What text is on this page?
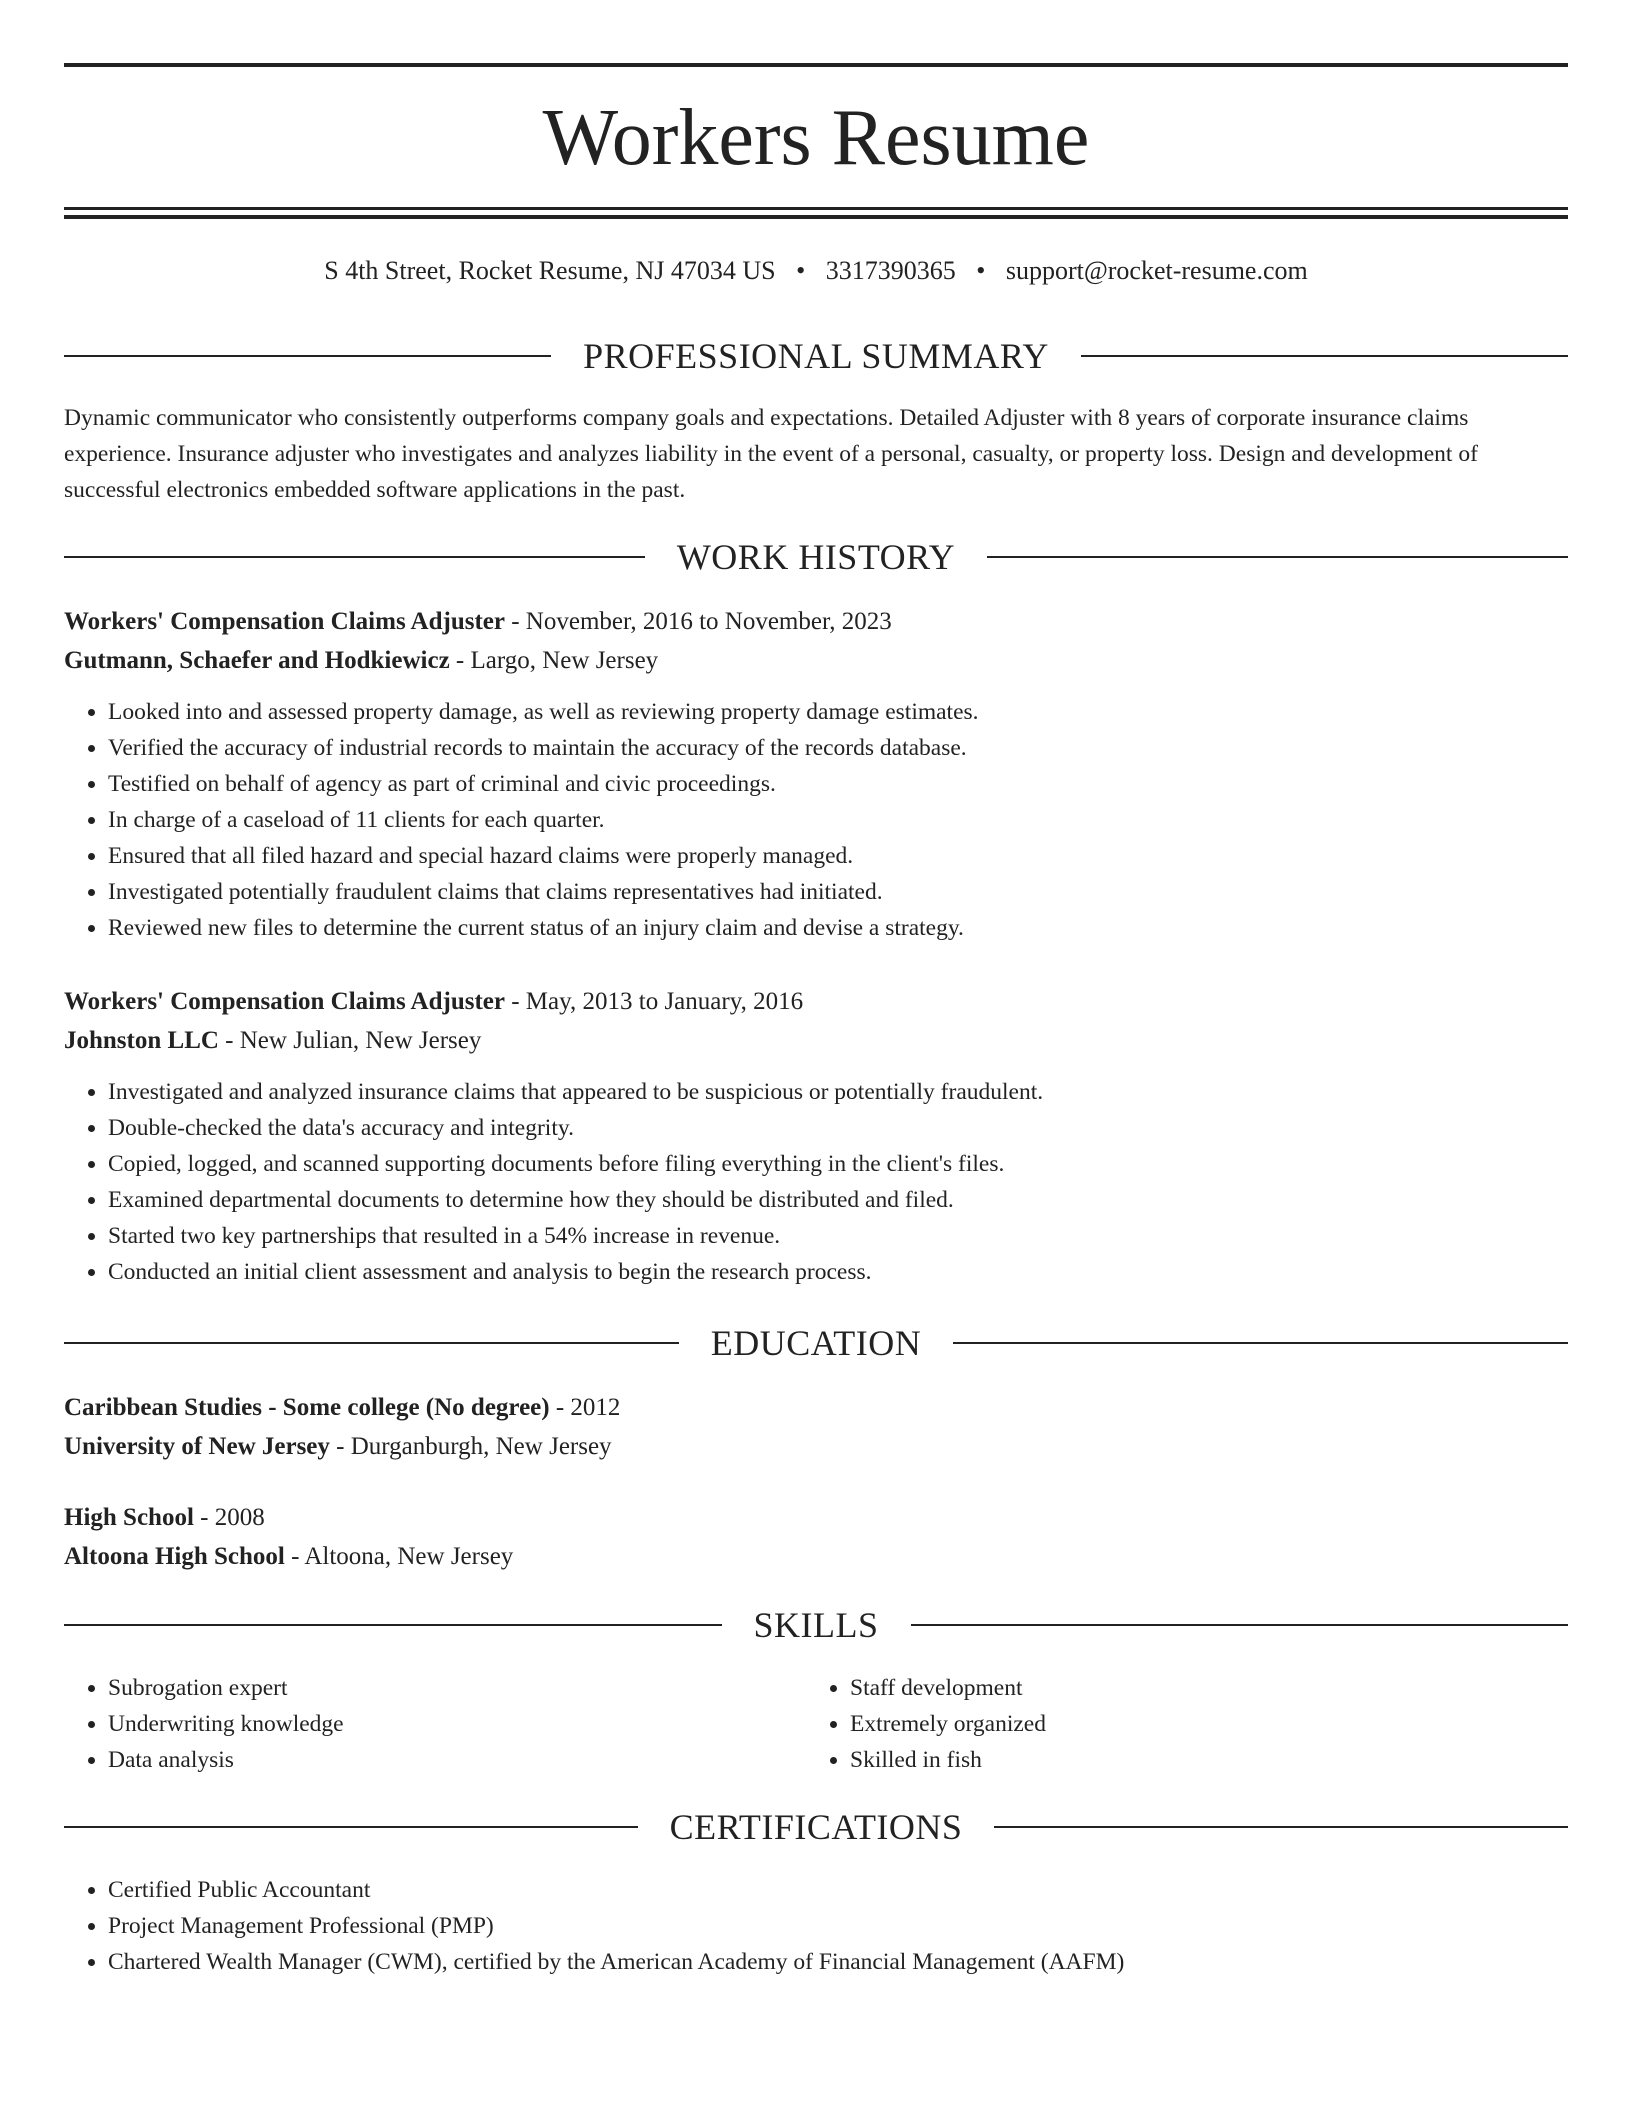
Workers Resume
S 4th Street, Rocket Resume, NJ 47034 US • 3317390365 • support@rocket-resume.com
PROFESSIONAL SUMMARY

Dynamic communicator who consistently outperforms company goals and expectations. Detailed Adjuster with 8 years of corporate insurance claims experience. Insurance adjuster who investigates and analyzes liability in the event of a personal, casualty, or property loss. Design and development of successful electronics embedded software applications in the past.

WORK HISTORY
Workers' Compensation Claims Adjuster - November, 2016 to November, 2023
Gutmann, Schaefer and Hodkiewicz - Largo, New Jersey
• Looked into and assessed property damage, as well as reviewing property damage estimates.
• Verified the accuracy of industrial records to maintain the accuracy of the records database.
• Testified on behalf of agency as part of criminal and civic proceedings.
• In charge of a caseload of 11 clients for each quarter.
• Ensured that all filed hazard and special hazard claims were properly managed.
• Investigated potentially fraudulent claims that claims representatives had initiated.
• Reviewed new files to determine the current status of an injury claim and devise a strategy.
Workers' Compensation Claims Adjuster - May, 2013 to January, 2016
Johnston LLC - New Julian, New Jersey
• Investigated and analyzed insurance claims that appeared to be suspicious or potentially fraudulent.
• Double-checked the data's accuracy and integrity.
• Copied, logged, and scanned supporting documents before filing everything in the client's files.
• Examined departmental documents to determine how they should be distributed and filed.
• Started two key partnerships that resulted in a 54% increase in revenue.
• Conducted an initial client assessment and analysis to begin the research process.
EDUCATION
Caribbean Studies - Some college (No degree) - 2012
University of New Jersey - Durganburgh, New Jersey
High School - 2008
Altoona High School - Altoona, New Jersey
SKILLS
• Subrogation expert
• Underwriting knowledge
• Data analysis
• Staff development
• Extremely organized
• Skilled in fish
CERTIFICATIONS
• Certified Public Accountant
• Project Management Professional (PMP)
• Chartered Wealth Manager (CWM), certified by the American Academy of Financial Management (AAFM)
